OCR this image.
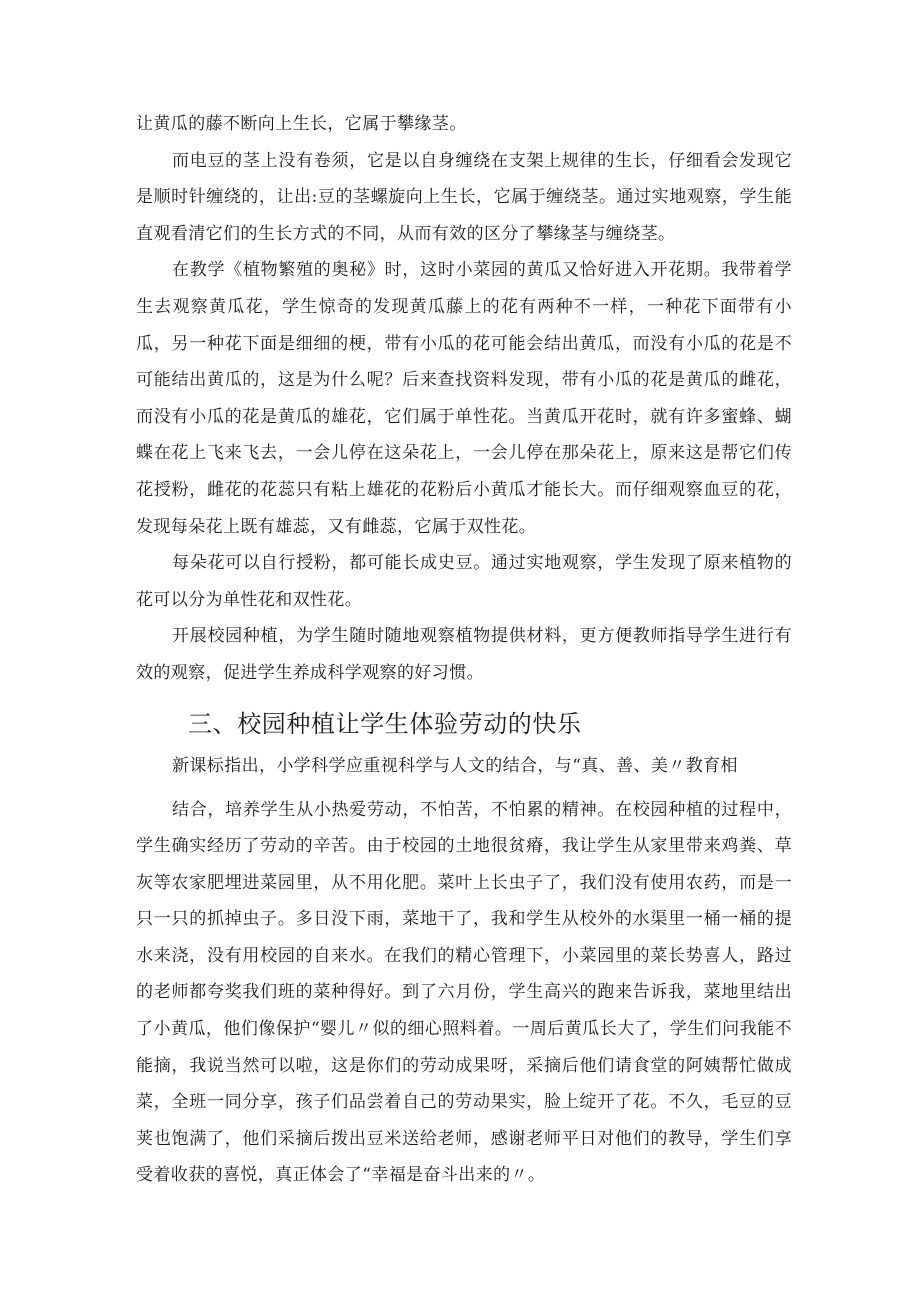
让黄瓜的藤不断向上生长，它属于攀缘茎。

而电豆的茎上没有卷须，它是以自身缠绕在支架上规律的生长，仔细看会发现它是顺时针缠绕的，让出:豆的茎螺旋向上生长，它属于缠绕茎。通过实地观察，学生能直观看清它们的生长方式的不同，从而有效的区分了攀缘茎与缠绕茎。

在教学《植物繁殖的奥秘》时，这时小菜园的黄瓜又恰好进入开花期。我带着学生去观察黄瓜花，学生惊奇的发现黄瓜藤上的花有两种不一样，一种花下面带有小瓜，另一种花下面是细细的梗，带有小瓜的花可能会结出黄瓜，而没有小瓜的花是不可能结出黄瓜的，这是为什么呢？后来查找资料发现，带有小瓜的花是黄瓜的雌花，而没有小瓜的花是黄瓜的雄花，它们属于单性花。当黄瓜开花时，就有许多蜜蜂、蝴蝶在花上飞来飞去，一会儿停在这朵花上，一会儿停在那朵花上，原来这是帮它们传花授粉，雌花的花蕊只有粘上雄花的花粉后小黄瓜才能长大。而仔细观察血豆的花，发现每朵花上既有雄蕊，又有雌蕊，它属于双性花。

每朵花可以自行授粉，都可能长成史豆。通过实地观察，学生发现了原来植物的花可以分为单性花和双性花。

开展校园种植，为学生随时随地观察植物提供材料，更方便教师指导学生进行有效的观察，促进学生养成科学观察的好习惯。

三、校园种植让学生体验劳动的快乐

新课标指出，小学科学应重视科学与人文的结合，与“真、善、美〃教育相

结合，培养学生从小热爱劳动，不怕苦，不怕累的精神。在校园种植的过程中，学生确实经历了劳动的辛苦。由于校园的土地很贫瘠，我让学生从家里带来鸡粪、草灰等农家肥埋进菜园里，从不用化肥。菜叶上长虫子了，我们没有使用农药，而是一只一只的抓掉虫子。多日没下雨，菜地干了，我和学生从校外的水渠里一桶一桶的提水来浇，没有用校园的自来水。在我们的精心管理下，小菜园里的菜长势喜人，路过的老师都夸奖我们班的菜种得好。到了六月份，学生高兴的跑来告诉我，菜地里结出了小黄瓜，他们像保护“婴儿〃似的细心照料着。一周后黄瓜长大了，学生们问我能不能摘，我说当然可以啦，这是你们的劳动成果呀，采摘后他们请食堂的阿姨帮忙做成菜，全班一同分享，孩子们品尝着自己的劳动果实，脸上绽开了花。不久，毛豆的豆荚也饱满了，他们采摘后拨出豆米送给老师，感谢老师平日对他们的教导，学生们享受着收获的喜悦，真正体会了“幸福是奋斗出来的〃。
